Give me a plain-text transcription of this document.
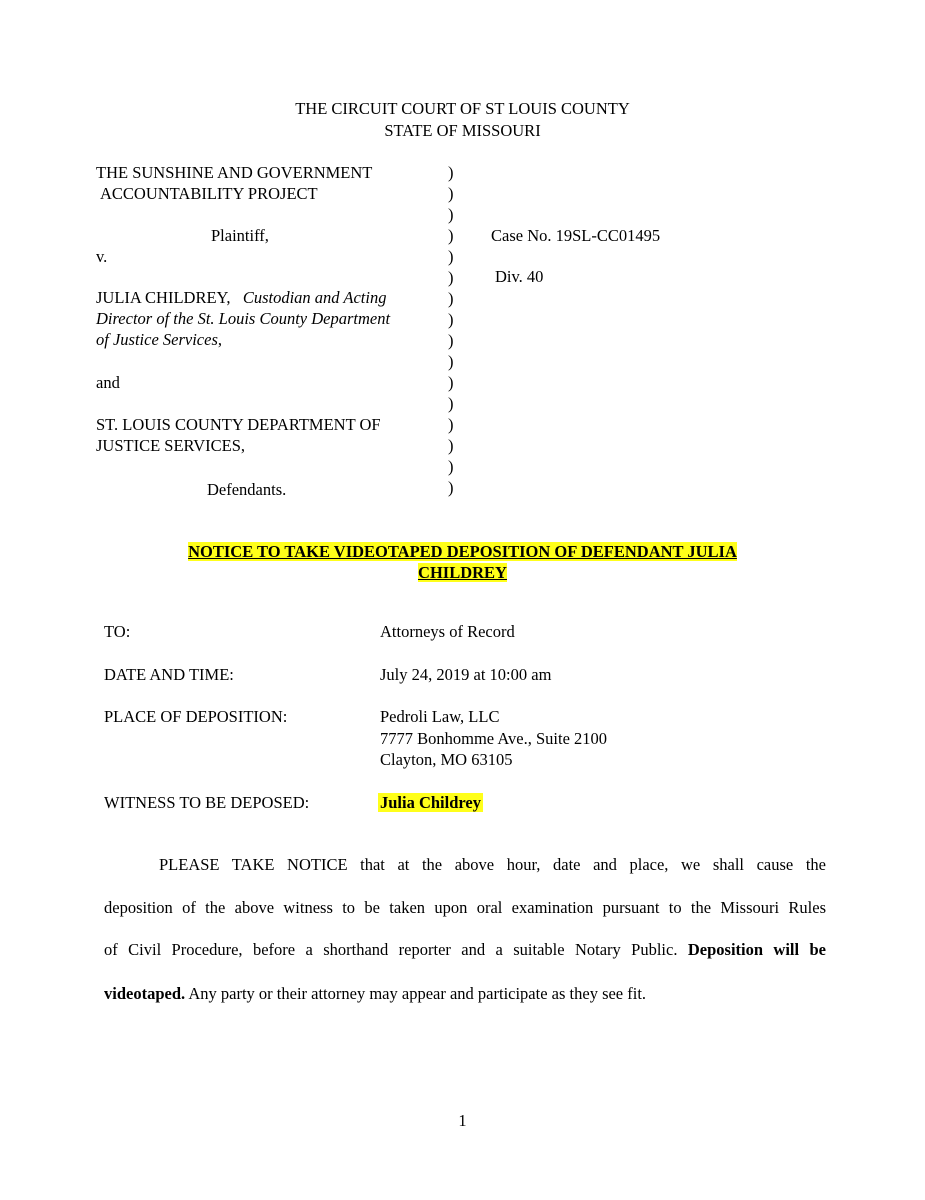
THE CIRCUIT COURT OF ST LOUIS COUNTY
STATE OF MISSOURI
THE SUNSHINE AND GOVERNMENT
ACCOUNTABILITY PROJECT
Plaintiff,
v.
JULIA CHILDREY, Custodian and Acting
Director of the St. Louis County Department
of Justice Services,
and
ST. LOUIS COUNTY DEPARTMENT OF
JUSTICE SERVICES,
Defendants.
)
)
)
)
)
)
)
)
)
)
)
)
)
)
)
)
Case No. 19SL-CC01495
Div. 40
NOTICE TO TAKE VIDEOTAPED DEPOSITION OF DEFENDANT JULIA
CHILDREY
TO:	Attorneys of Record
DATE AND TIME:	July 24, 2019 at 10:00 am
PLACE OF DEPOSITION:	Pedroli Law, LLC
7777 Bonhomme Ave., Suite 2100
Clayton, MO 63105
WITNESS TO BE DEPOSED:	Julia Childrey
PLEASE TAKE NOTICE that at the above hour, date and place, we shall cause the
deposition of the above witness to be taken upon oral examination pursuant to the Missouri Rules
of Civil Procedure, before a shorthand reporter and a suitable Notary Public. Deposition will be
videotaped. Any party or their attorney may appear and participate as they see fit.
1
